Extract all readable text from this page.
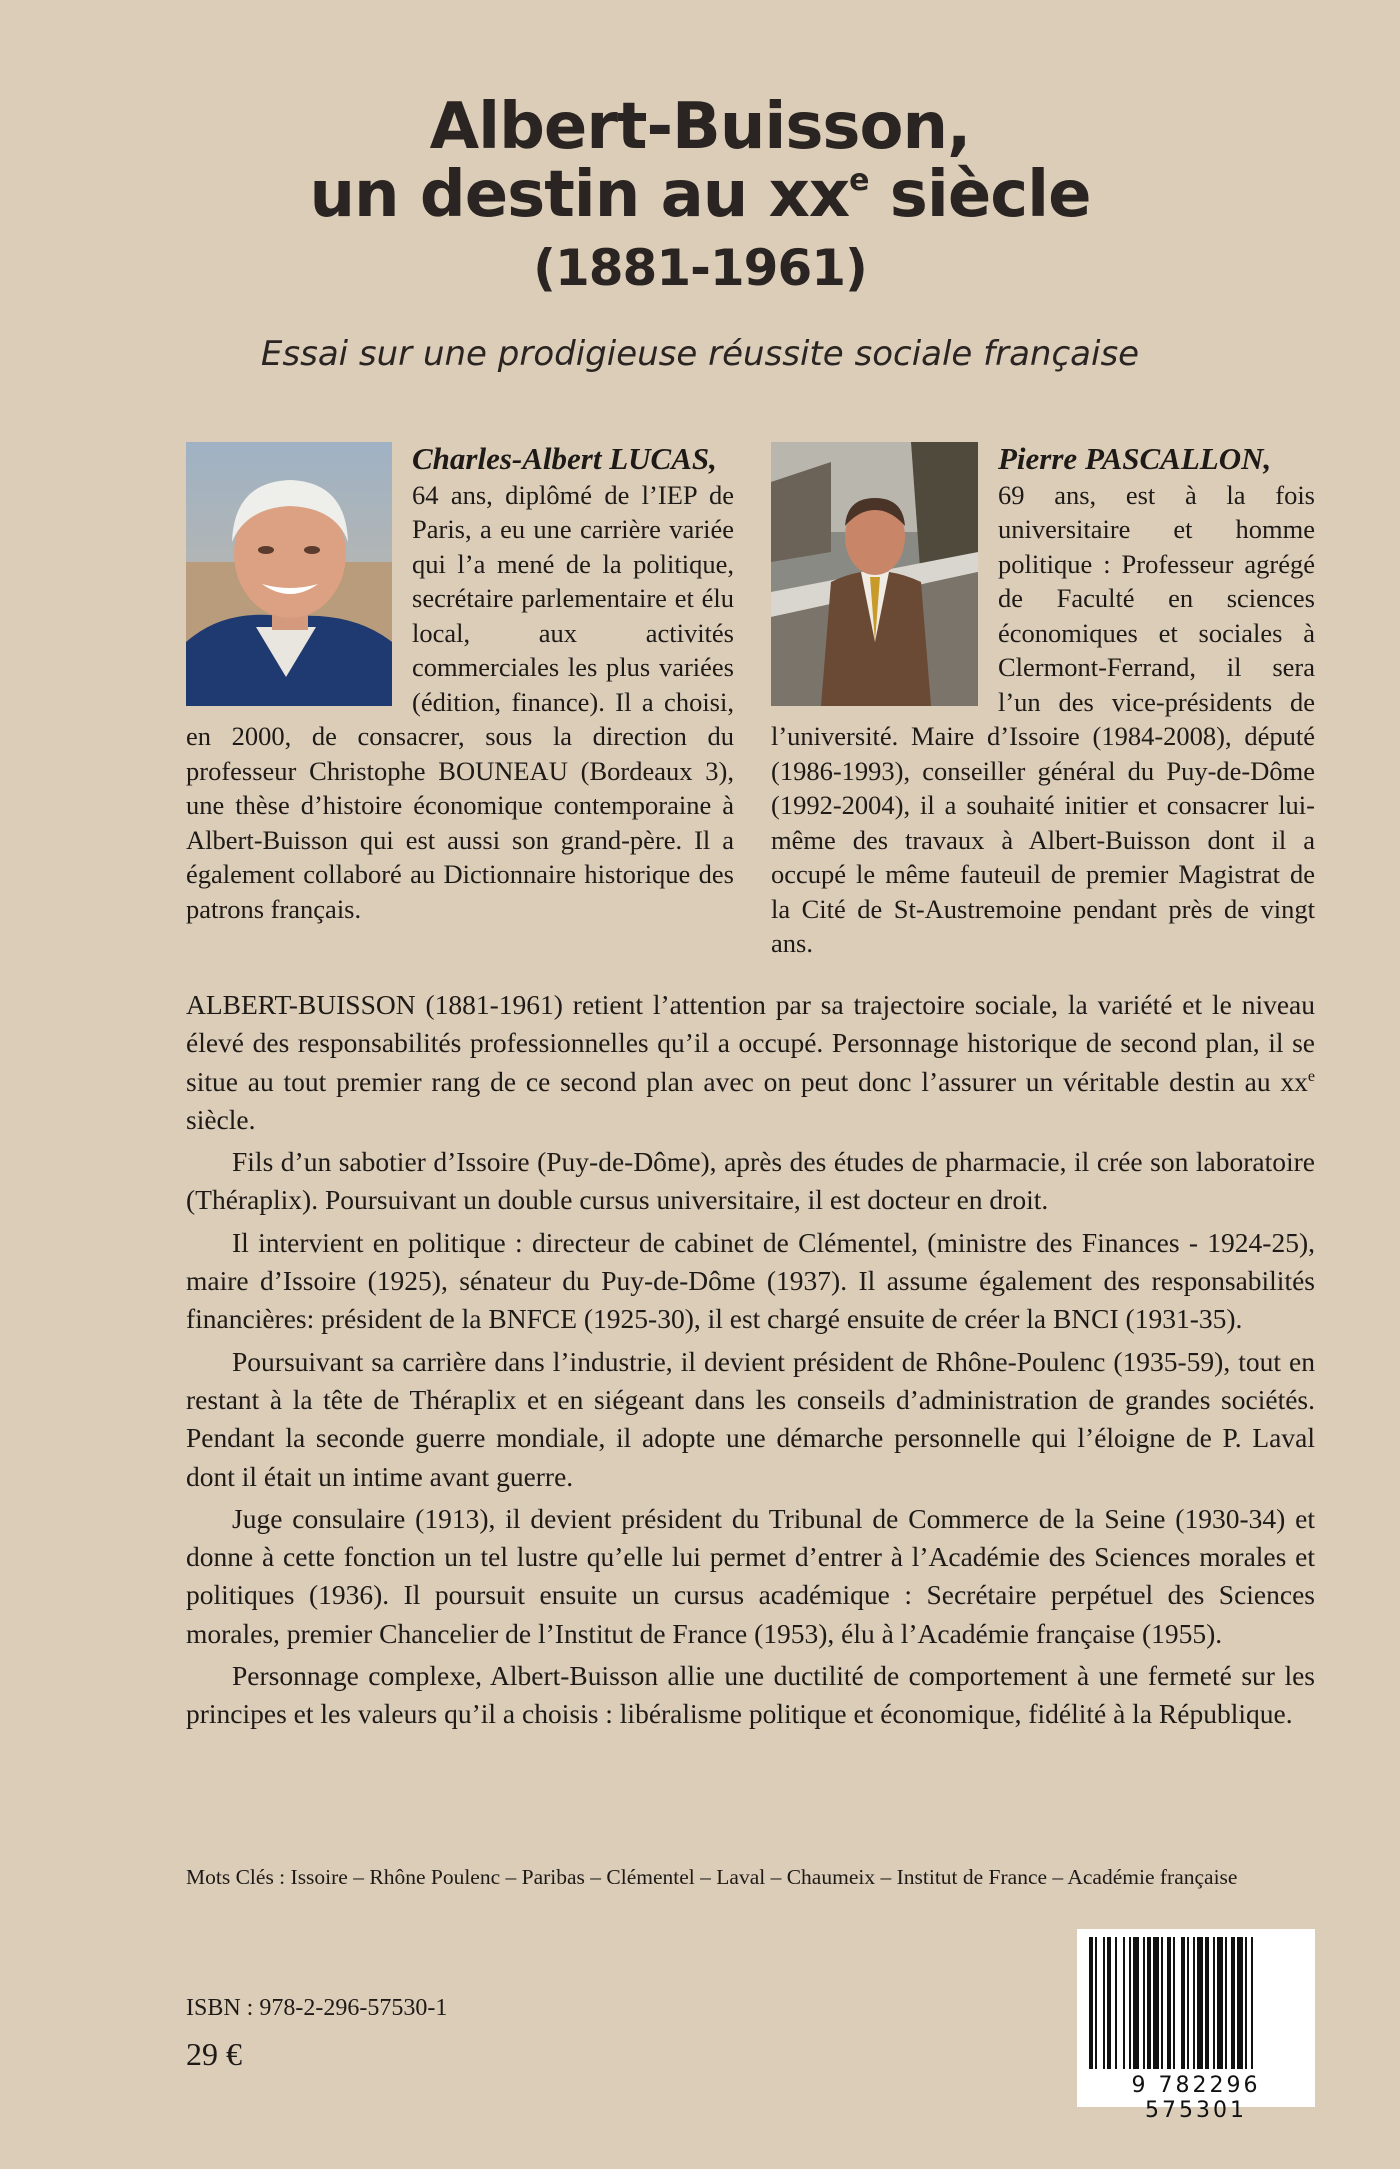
Albert-Buisson,
un destin au $xx^e$ siècle
(1881-1961)
Essai sur une prodigieuse réussite sociale française

Charles-Albert LUCAS,
64 ans, diplômé de l’IEP de Paris, a eu une carrière variée qui l’a mené de la politique, secrétaire parlementaire et élu local, aux activités commerciales les plus variées (édition, finance). Il a choisi, en 2000, de consacrer, sous la direction du professeur Christophe BOUNEAU (Bordeaux 3), une thèse d’histoire économique contemporaine à Albert-Buisson qui est aussi son grand-père. Il a également collaboré au Dictionnaire historique des patrons français.

Pierre PASCALLON,
69 ans, est à la fois universitaire et homme politique : Professeur agrégé de Faculté en sciences économiques et sociales à Clermont-Ferrand, il sera l’un des vice-présidents de l’université. Maire d’Issoire (1984-2008), député (1986-1993), conseiller général du Puy-de-Dôme (1992-2004), il a souhaité initier et consacrer lui-même des travaux à Albert-Buisson dont il a occupé le même fauteuil de premier Magistrat de la Cité de St-Austremoine pendant près de vingt ans.

ALBERT-BUISSON (1881-1961) retient l’attention par sa trajectoire sociale, la variété et le niveau élevé des responsabilités professionnelles qu’il a occupé. Personnage historique de second plan, il se situe au tout premier rang de ce second plan avec on peut donc l’assurer un véritable destin au $xx^e$ siècle.

Fils d’un sabotier d’Issoire (Puy-de-Dôme), après des études de pharmacie, il crée son laboratoire (Théraplix). Poursuivant un double cursus universitaire, il est docteur en droit.

Il intervient en politique : directeur de cabinet de Clémentel, (ministre des Finances - 1924-25), maire d’Issoire (1925), sénateur du Puy-de-Dôme (1937). Il assume également des responsabilités financières: président de la BNFCE (1925-30), il est chargé ensuite de créer la BNCI (1931-35).

Poursuivant sa carrière dans l’industrie, il devient président de Rhône-Poulenc (1935-59), tout en restant à la tête de Théraplix et en siégeant dans les conseils d’administration de grandes sociétés. Pendant la seconde guerre mondiale, il adopte une démarche personnelle qui l’éloigne de P. Laval dont il était un intime avant guerre.

Juge consulaire (1913), il devient président du Tribunal de Commerce de la Seine (1930-34) et donne à cette fonction un tel lustre qu’elle lui permet d’entrer à l’Académie des Sciences morales et politiques (1936). Il poursuit ensuite un cursus académique : Secrétaire perpétuel des Sciences morales, premier Chancelier de l’Institut de France (1953), élu à l’Académie française (1955).

Personnage complexe, Albert-Buisson allie une ductilité de comportement à une fermeté sur les principes et les valeurs qu’il a choisis : libéralisme politique et économique, fidélité à la République.

Mots Clés : Issoire – Rhône Poulenc – Paribas – Clémentel – Laval – Chaumeix – Institut de France – Académie française
ISBN : 978-2-296-57530-1
29 €
9 782296 575301
